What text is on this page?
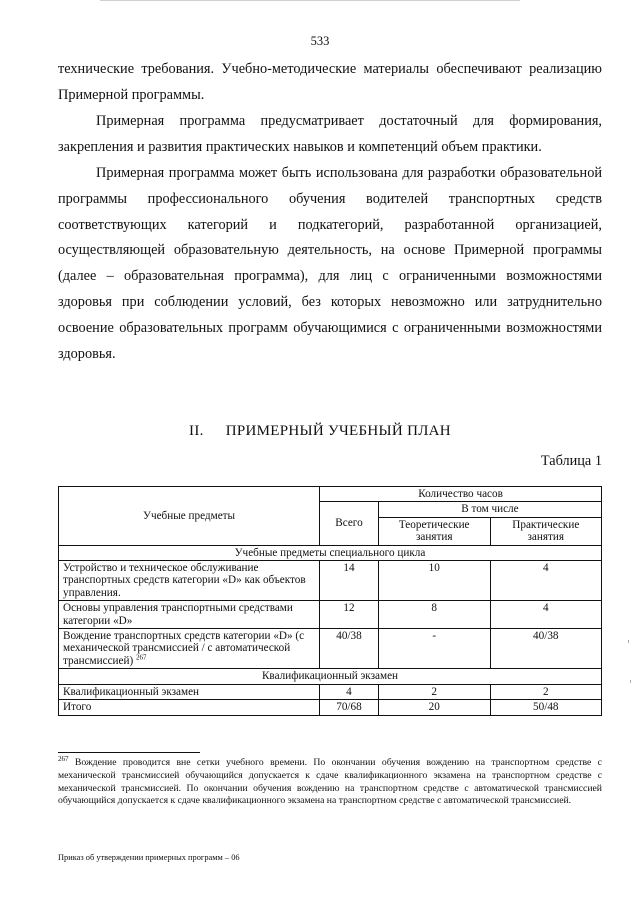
533

технические требования. Учебно-методические материалы обеспечивают реализацию Примерной программы.

Примерная программа предусматривает достаточный для формирования, закрепления и развития практических навыков и компетенций объем практики.

Примерная программа может быть использована для разработки образовательной программы профессионального обучения водителей транспортных средств соответствующих категорий и подкатегорий, разработанной организацией, осуществляющей образовательную деятельность, на основе Примерной программы (далее – образовательная программа), для лиц с ограниченными возможностями здоровья при соблюдении условий, без которых невозможно или затруднительно освоение образовательных программ обучающимися с ограниченными возможностями здоровья.

II. ПРИМЕРНЫЙ УЧЕБНЫЙ ПЛАН
Таблица 1
Учебные предметы	Количество часов		
	Всего	В том числе	
		Теоретические занятия	Практические занятия
Учебные предметы специального цикла			
Устройство и техническое обслуживание транспортных средств категории «D» как объектов управления.	14	10	4
Основы управления транспортными средствами категории «D»	12	8	4
Вождение транспортных средств категории «D» (с механической трансмиссией / с автоматической трансмиссией) $^{267}$	40/38	-	40/38
Квалификационный экзамен			
Квалификационный экзамен	4	2	2
Итого	70/68	20	50/48
$^{267}$ Вождение проводится вне сетки учебного времени. По окончании обучения вождению на транспортном средстве с механической трансмиссией обучающийся допускается к сдаче квалификационного экзамена на транспортном средстве с механической трансмиссией. По окончании обучения вождению на транспортном средстве с автоматической трансмиссией обучающийся допускается к сдаче квалификационного экзамена на транспортном средстве с автоматической трансмиссией.
Приказ об утверждении примерных программ – 06
